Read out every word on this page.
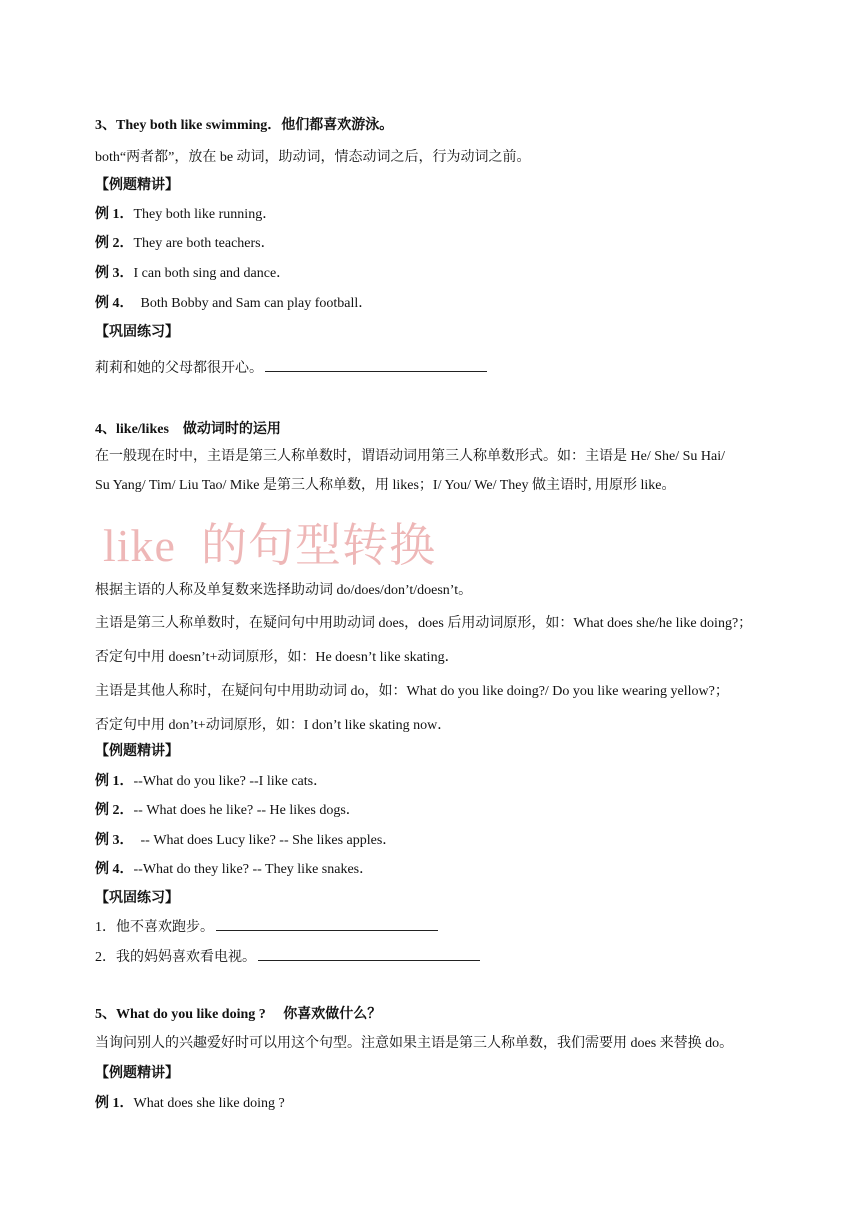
3、They both like swimming．他们都喜欢游泳。
both“两者都”，放在 be 动词，助动词，情态动词之后，行为动词之前。
【例题精讲】
例 1．They both like running．
例 2．They are both teachers．
例 3．I can both sing and dance．
例 4．  Both Bobby and Sam can play football．
【巩固练习】
莉莉和她的父母都很开心。
4、like/likes　做动词时的运用
在一般现在时中，主语是第三人称单数时，谓语动词用第三人称单数形式。如：主语是 He/ She/ Su Hai/
Su Yang/ Tim/ Liu Tao/ Mike 是第三人称单数，用 likes；I/ You/ We/ They 做主语时, 用原形 like。
根据主语的人称及单复数来选择助动词 do/does/don’t/doesn’t。
主语是第三人称单数时，在疑问句中用助动词 does，does 后用动词原形，如：What does she/he like doing?；
否定句中用 doesn’t+动词原形，如：He doesn’t like skating．
主语是其他人称时，在疑问句中用助动词 do，如：What do you like doing?/ Do you like wearing yellow?；
否定句中用 don’t+动词原形，如：I don’t like skating now．
【例题精讲】
例 1．--What do you like? --I like cats．
例 2．-- What does he like? -- He likes dogs．
例 3．  -- What does Lucy like? -- She likes apples．
例 4．--What do they like? -- They like snakes．
【巩固练习】
1．他不喜欢跑步。
2．我的妈妈喜欢看电视。
5、What do you like doing ?　 你喜欢做什么？
当询问别人的兴趣爱好时可以用这个句型。注意如果主语是第三人称单数，我们需要用 does 来替换 do。
【例题精讲】
例 1．What does she like doing ?
like  的句型转换
